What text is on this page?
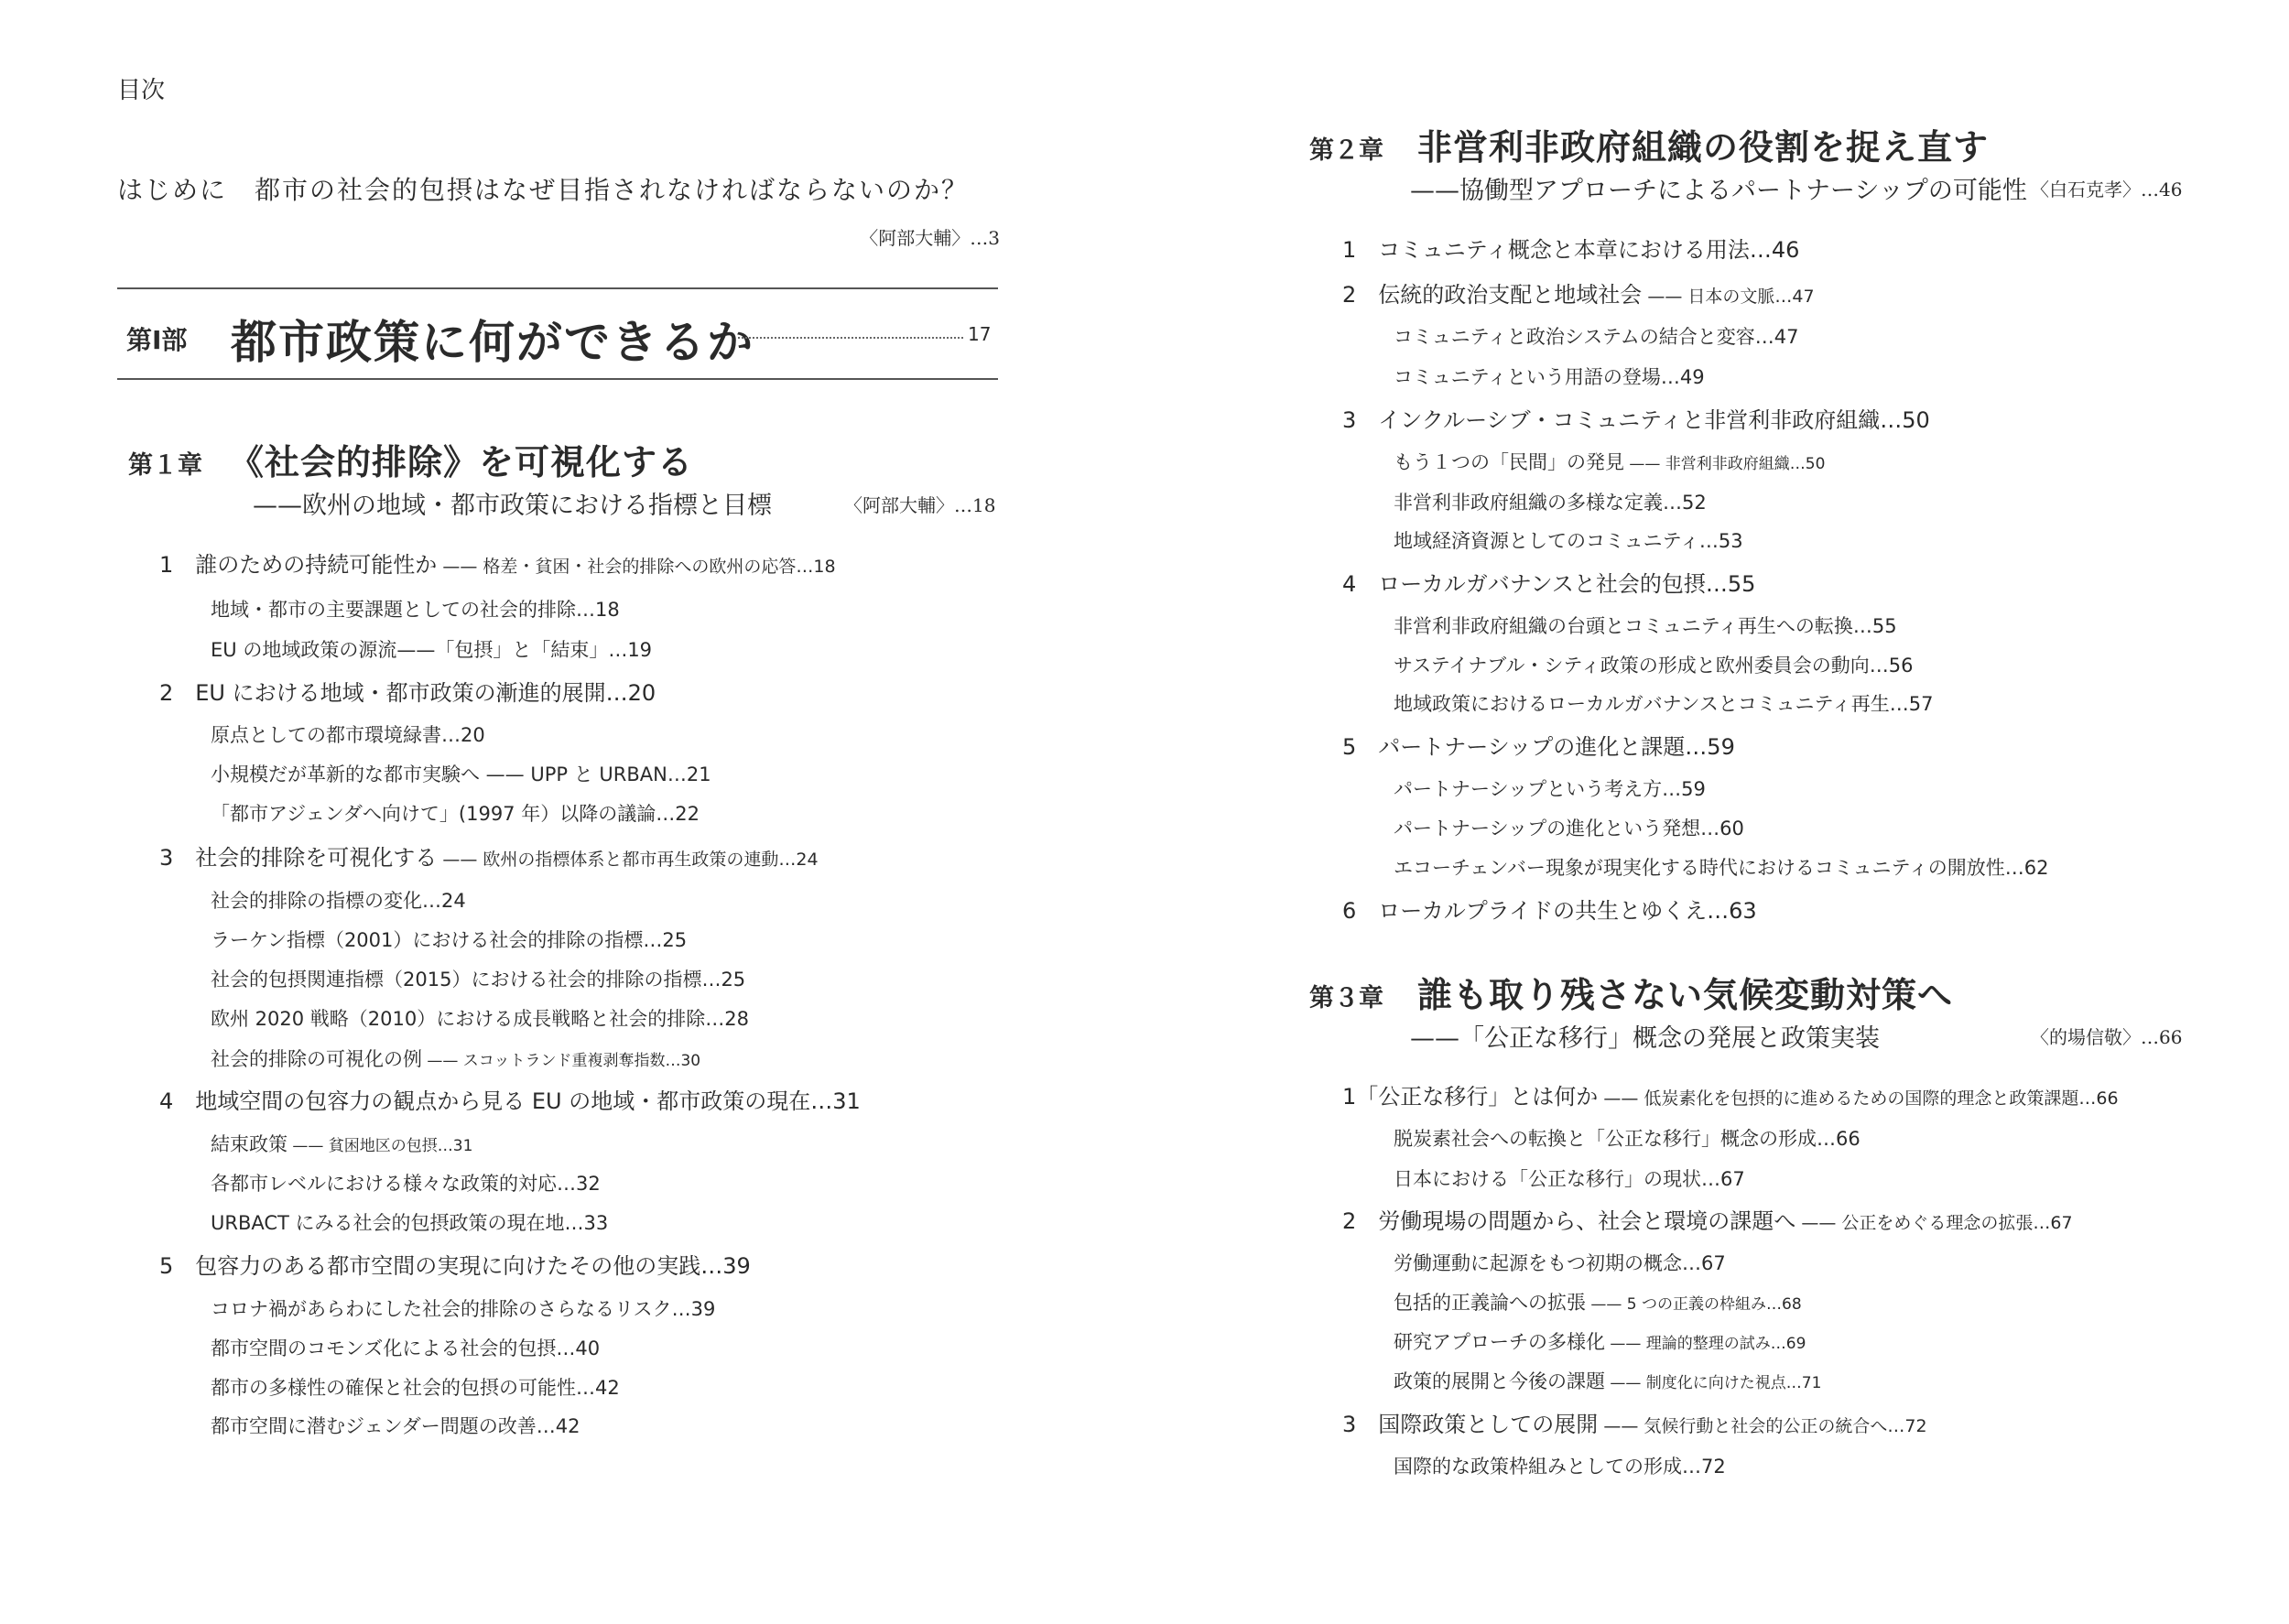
目次
はじめに　都市の社会的包摂はなぜ目指されなければならないのか？
〈阿部大輔〉…3
第Ⅰ部 都市政策に何ができるか	17
第１章 《社会的排除》を可視化する
——欧州の地域・都市政策における指標と目標	〈阿部大輔〉…18
1　誰のための持続可能性か —— 格差・貧困・社会的排除への欧州の応答…18
地域・都市の主要課題としての社会的排除…18
EU の地域政策の源流——「包摂」と「結束」…19
2　EU における地域・都市政策の漸進的展開…20
原点としての都市環境緑書…20
小規模だが革新的な都市実験へ —— UPP と URBAN…21
「都市アジェンダへ向けて」(1997 年）以降の議論…22
3　社会的排除を可視化する —— 欧州の指標体系と都市再生政策の連動…24
社会的排除の指標の変化…24
ラーケン指標（2001）における社会的排除の指標…25
社会的包摂関連指標（2015）における社会的排除の指標…25
欧州 2020 戦略（2010）における成長戦略と社会的排除…28
社会的排除の可視化の例 —— スコットランド重複剥奪指数…30
4　地域空間の包容力の観点から見る EU の地域・都市政策の現在…31
結束政策 —— 貧困地区の包摂…31
各都市レベルにおける様々な政策的対応…32
URBACT にみる社会的包摂政策の現在地…33
5　包容力のある都市空間の実現に向けたその他の実践…39
コロナ禍があらわにした社会的排除のさらなるリスク…39
都市空間のコモンズ化による社会的包摂…40
都市の多様性の確保と社会的包摂の可能性…42
都市空間に潜むジェンダー問題の改善…42
第２章 非営利非政府組織の役割を捉え直す
——協働型アプローチによるパートナーシップの可能性 〈白石克孝〉…46
1　コミュニティ概念と本章における用法…46
2　伝統的政治支配と地域社会 —— 日本の文脈…47
コミュニティと政治システムの結合と変容…47
コミュニティという用語の登場…49
3　インクルーシブ・コミュニティと非営利非政府組織…50
もう１つの「民間」の発見 —— 非営利非政府組織…50
非営利非政府組織の多様な定義…52
地域経済資源としてのコミュニティ…53
4　ローカルガバナンスと社会的包摂…55
非営利非政府組織の台頭とコミュニティ再生への転換…55
サステイナブル・シティ政策の形成と欧州委員会の動向…56
地域政策におけるローカルガバナンスとコミュニティ再生…57
5　パートナーシップの進化と課題…59
パートナーシップという考え方…59
パートナーシップの進化という発想…60
エコーチェンバー現象が現実化する時代におけるコミュニティの開放性…62
6　ローカルプライドの共生とゆくえ…63
第３章 誰も取り残さない気候変動対策へ
——「公正な移行」概念の発展と政策実装	〈的場信敬〉…66
1「公正な移行」とは何か —— 低炭素化を包摂的に進めるための国際的理念と政策課題…66
脱炭素社会への転換と「公正な移行」概念の形成…66
日本における「公正な移行」の現状…67
2　労働現場の問題から、社会と環境の課題へ —— 公正をめぐる理念の拡張…67
労働運動に起源をもつ初期の概念…67
包括的正義論への拡張 —— 5 つの正義の枠組み…68
研究アプローチの多様化 —— 理論的整理の試み…69
政策的展開と今後の課題 —— 制度化に向けた視点…71
3　国際政策としての展開 —— 気候行動と社会的公正の統合へ…72
国際的な政策枠組みとしての形成…72
